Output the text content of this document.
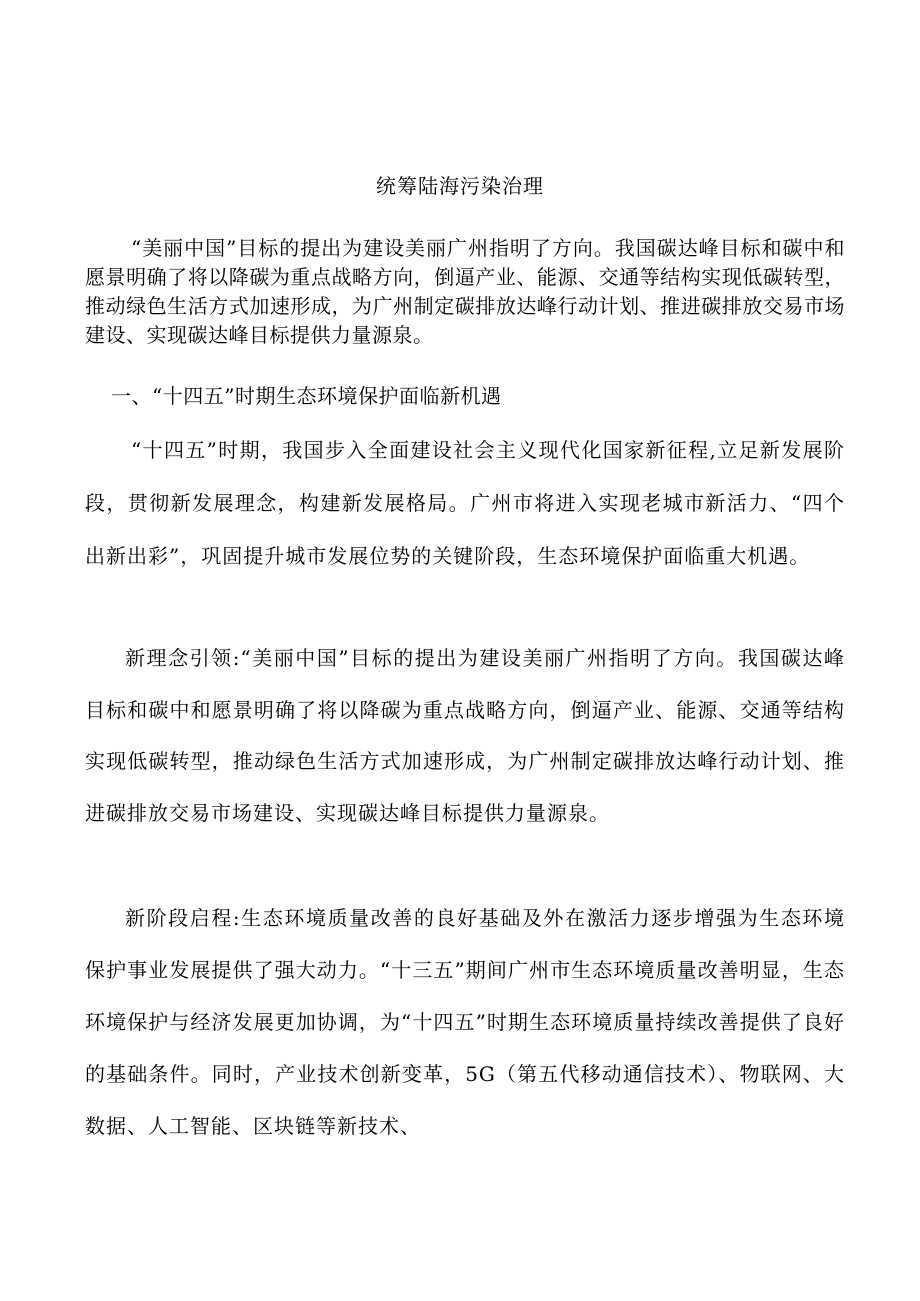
统筹陆海污染治理

“美丽中国”目标的提出为建设美丽广州指明了方向。我国碳达峰目标和碳中和愿景明确了将以降碳为重点战略方向，倒逼产业、能源、交通等结构实现低碳转型，推动绿色生活方式加速形成，为广州制定碳排放达峰行动计划、推进碳排放交易市场建设、实现碳达峰目标提供力量源泉。

一、“十四五”时期生态环境保护面临新机遇

“十四五”时期，我国步入全面建设社会主义现代化国家新征程,立足新发展阶段，贯彻新发展理念，构建新发展格局。广州市将进入实现老城市新活力、“四个出新出彩”，巩固提升城市发展位势的关键阶段，生态环境保护面临重大机遇。

新理念引领:“美丽中国”目标的提出为建设美丽广州指明了方向。我国碳达峰目标和碳中和愿景明确了将以降碳为重点战略方向，倒逼产业、能源、交通等结构实现低碳转型，推动绿色生活方式加速形成，为广州制定碳排放达峰行动计划、推进碳排放交易市场建设、实现碳达峰目标提供力量源泉。

新阶段启程:生态环境质量改善的良好基础及外在激活力逐步增强为生态环境保护事业发展提供了强大动力。“十三五”期间广州市生态环境质量改善明显，生态环境保护与经济发展更加协调，为“十四五”时期生态环境质量持续改善提供了良好的基础条件。同时，产业技术创新变革，5G（第五代移动通信技术）、物联网、大数据、人工智能、区块链等新技术、
